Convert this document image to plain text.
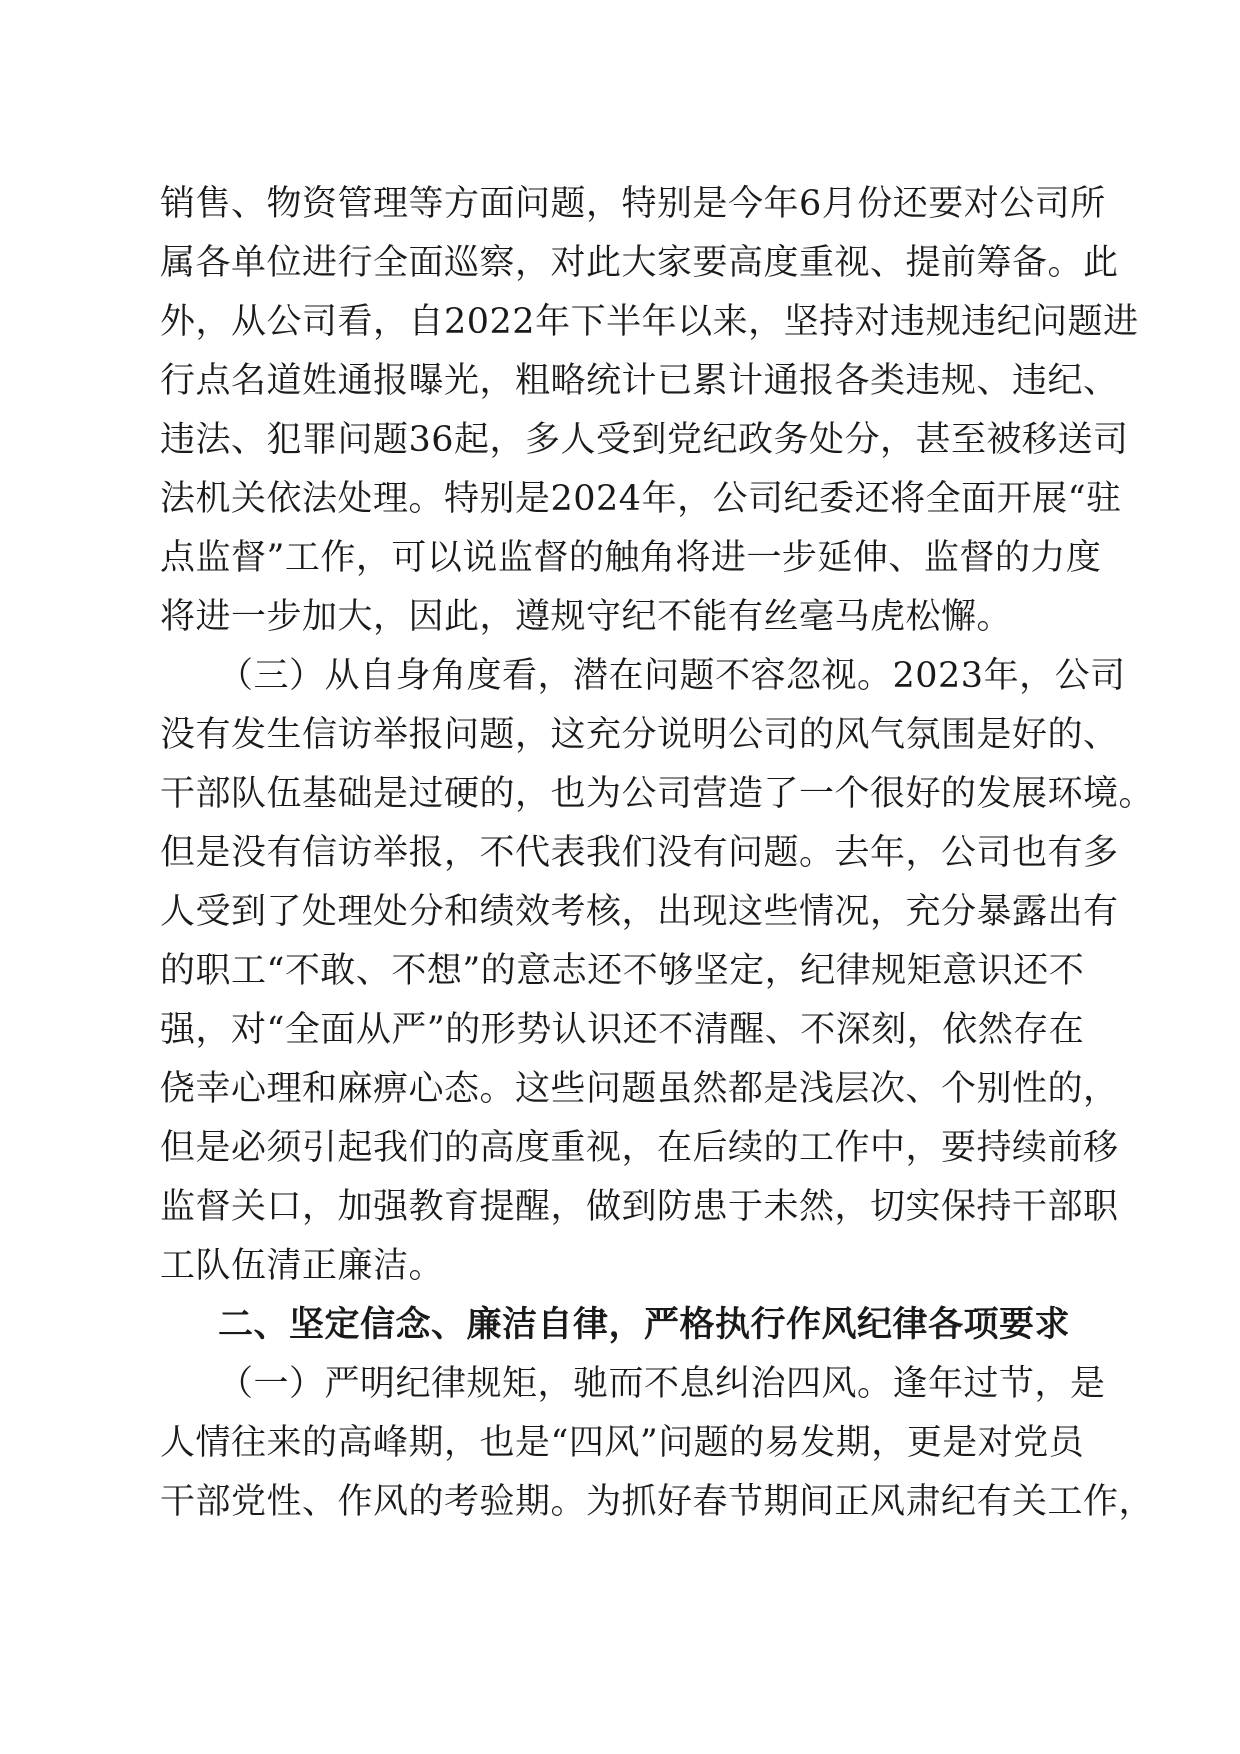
销售、物资管理等方面问题，特别是今年6月份还要对公司所
属各单位进行全面巡察，对此大家要高度重视、提前筹备。此
外，从公司看，自2022年下半年以来，坚持对违规违纪问题进
行点名道姓通报曝光，粗略统计已累计通报各类违规、违纪、
违法、犯罪问题36起，多人受到党纪政务处分，甚至被移送司
法机关依法处理。特别是2024年，公司纪委还将全面开展“驻
点监督”工作，可以说监督的触角将进一步延伸、监督的力度
将进一步加大，因此，遵规守纪不能有丝毫马虎松懈。
（三）从自身角度看，潜在问题不容忽视。2023年，公司
没有发生信访举报问题，这充分说明公司的风气氛围是好的、
干部队伍基础是过硬的，也为公司营造了一个很好的发展环境。
但是没有信访举报，不代表我们没有问题。去年，公司也有多
人受到了处理处分和绩效考核，出现这些情况，充分暴露出有
的职工“不敢、不想”的意志还不够坚定，纪律规矩意识还不
强，对“全面从严”的形势认识还不清醒、不深刻，依然存在
侥幸心理和麻痹心态。这些问题虽然都是浅层次、个别性的，
但是必须引起我们的高度重视，在后续的工作中，要持续前移
监督关口，加强教育提醒，做到防患于未然，切实保持干部职
工队伍清正廉洁。
二、坚定信念、廉洁自律，严格执行作风纪律各项要求
（一）严明纪律规矩，驰而不息纠治四风。逢年过节，是
人情往来的高峰期，也是“四风”问题的易发期，更是对党员
干部党性、作风的考验期。为抓好春节期间正风肃纪有关工作，
